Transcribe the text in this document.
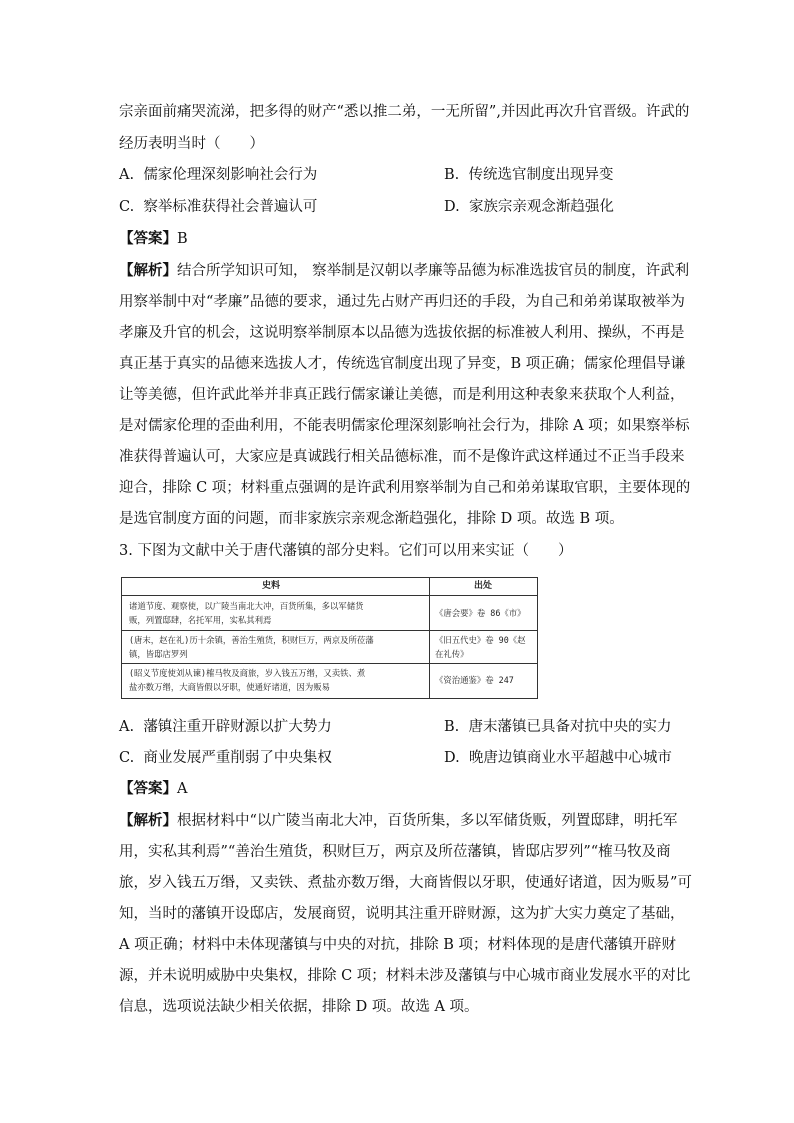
宗亲面前痛哭流涕，把多得的财产“悉以推二弟，一无所留”,并因此再次升官晋级。许武的
经历表明当时（　　）
A. 儒家伦理深刻影响社会行为	B. 传统选官制度出现异变
C. 察举标准获得社会普遍认可	D. 家族宗亲观念渐趋强化
【答案】B
【解析】结合所学知识可知， 察举制是汉朝以孝廉等品德为标准选拔官员的制度，许武利
用察举制中对“孝廉”品德的要求，通过先占财产再归还的手段，为自己和弟弟谋取被举为
孝廉及升官的机会，这说明察举制原本以品德为选拔依据的标准被人利用、操纵，不再是
真正基于真实的品德来选拔人才，传统选官制度出现了异变，B 项正确；儒家伦理倡导谦
让等美德，但许武此举并非真正践行儒家谦让美德，而是利用这种表象来获取个人利益，
是对儒家伦理的歪曲利用，不能表明儒家伦理深刻影响社会行为，排除 A 项；如果察举标
准获得普遍认可，大家应是真诚践行相关品德标准，而不是像许武这样通过不正当手段来
迎合，排除 C 项；材料重点强调的是许武利用察举制为自己和弟弟谋取官职，主要体现的
是选官制度方面的问题，而非家族宗亲观念渐趋强化，排除 D 项。故选 B 项。
3. 下图为文献中关于唐代藩镇的部分史料。它们可以用来实证（　　）
史料	出处
诸道节度、观察使，以广陵当南北大冲，百货所集，多以军储货
贩，列置邸肆，名托军用，实私其利焉
《唐会要》卷 86《市》
(唐末，赵在礼)历十余镇，善治生殖货，积财巨万，两京及所莅藩
镇，皆邸店罗列
《旧五代史》卷 90《赵
在礼传》
(昭义节度使刘从谏)榷马牧及商旅，岁入钱五万缗，又卖铁、煮
盐亦数万缗，大商皆假以牙职，使通好诸道，因为贩易
《资治通鉴》卷 247
A. 藩镇注重开辟财源以扩大势力	B. 唐末藩镇已具备对抗中央的实力
C. 商业发展严重削弱了中央集权	D. 晚唐边镇商业水平超越中心城市
【答案】A
【解析】根据材料中“以广陵当南北大冲，百货所集，多以军储货贩，列置邸肆，明托军
用，实私其利焉”“善治生殖货，积财巨万，两京及所莅藩镇，皆邸店罗列”“榷马牧及商
旅，岁入钱五万缗，又卖铁、煮盐亦数万缗，大商皆假以牙职，使通好诸道，因为贩易”可
知，当时的藩镇开设邸店，发展商贸，说明其注重开辟财源，这为扩大实力奠定了基础，
A 项正确；材料中未体现藩镇与中央的对抗，排除 B 项；材料体现的是唐代藩镇开辟财
源，并未说明威胁中央集权，排除 C 项；材料未涉及藩镇与中心城市商业发展水平的对比
信息，选项说法缺少相关依据，排除 D 项。故选 A 项。
